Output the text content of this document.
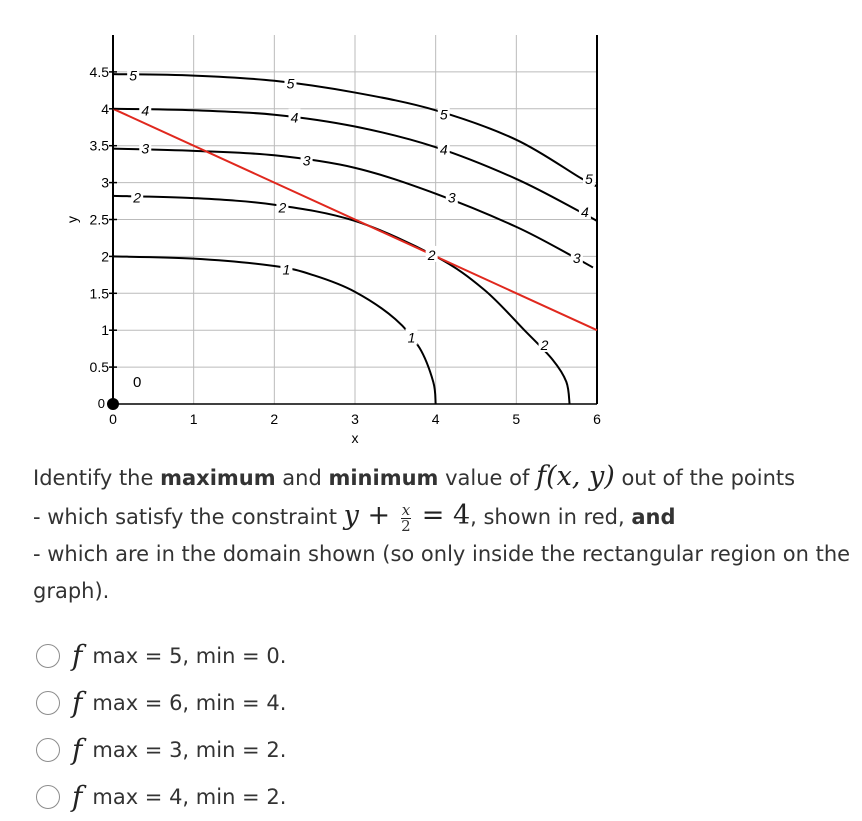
1
1
2
2
2
2
3
3
3
3
4	4
4
4
5
5
5
5
0
0
0.5
1
1.5
2
2.5
3
3.5
4
4.5
0	1	2	3	4	5	6
x
y
Identify the maximum and minimum value of f(x, y) out of the points
- which satisfy the constraint $y + \frac{x}{2} = 4$, shown in red, and
- which are in the domain shown (so only inside the rectangular region on the
graph).
f max = 5, min = 0.
f max = 6, min = 4.
f max = 3, min = 2.
f max = 4, min = 2.
